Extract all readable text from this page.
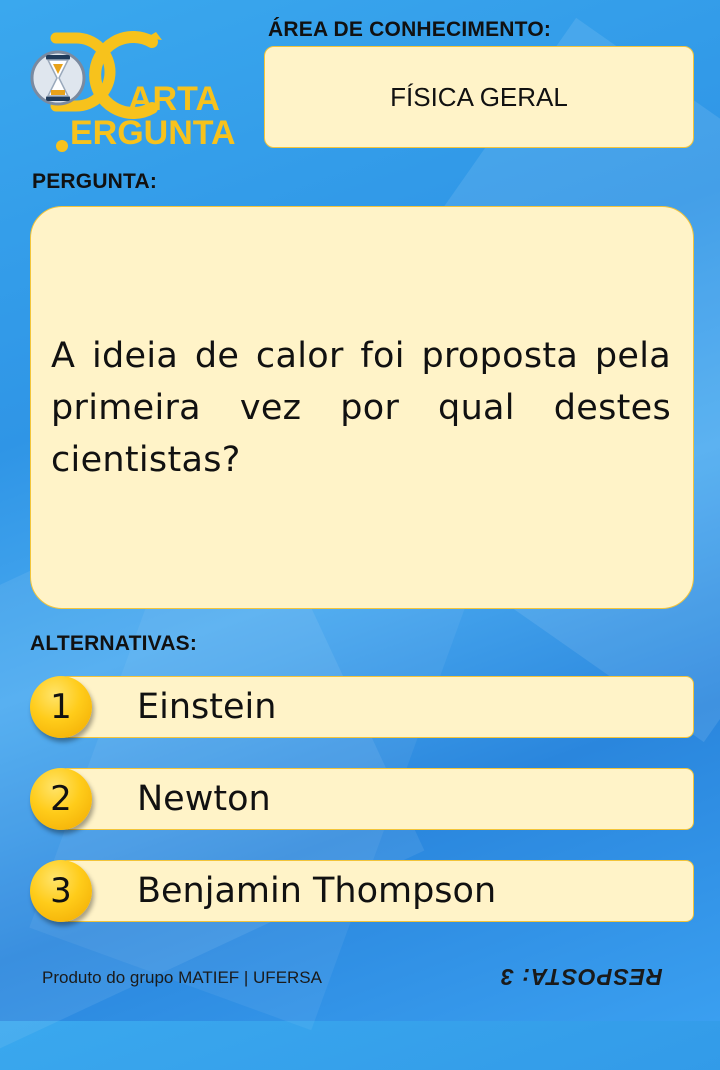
ARTA
ERGUNTA
ÁREA DE CONHECIMENTO:
FÍSICA GERAL
PERGUNTA:
A ideia de calor foi proposta pela primeira vez por qual destes cientistas?
ALTERNATIVAS:
Einstein
1
Newton
2
Benjamin Thompson
3
Produto do grupo MATIEF | UFERSA	RESPOSTA: 3
